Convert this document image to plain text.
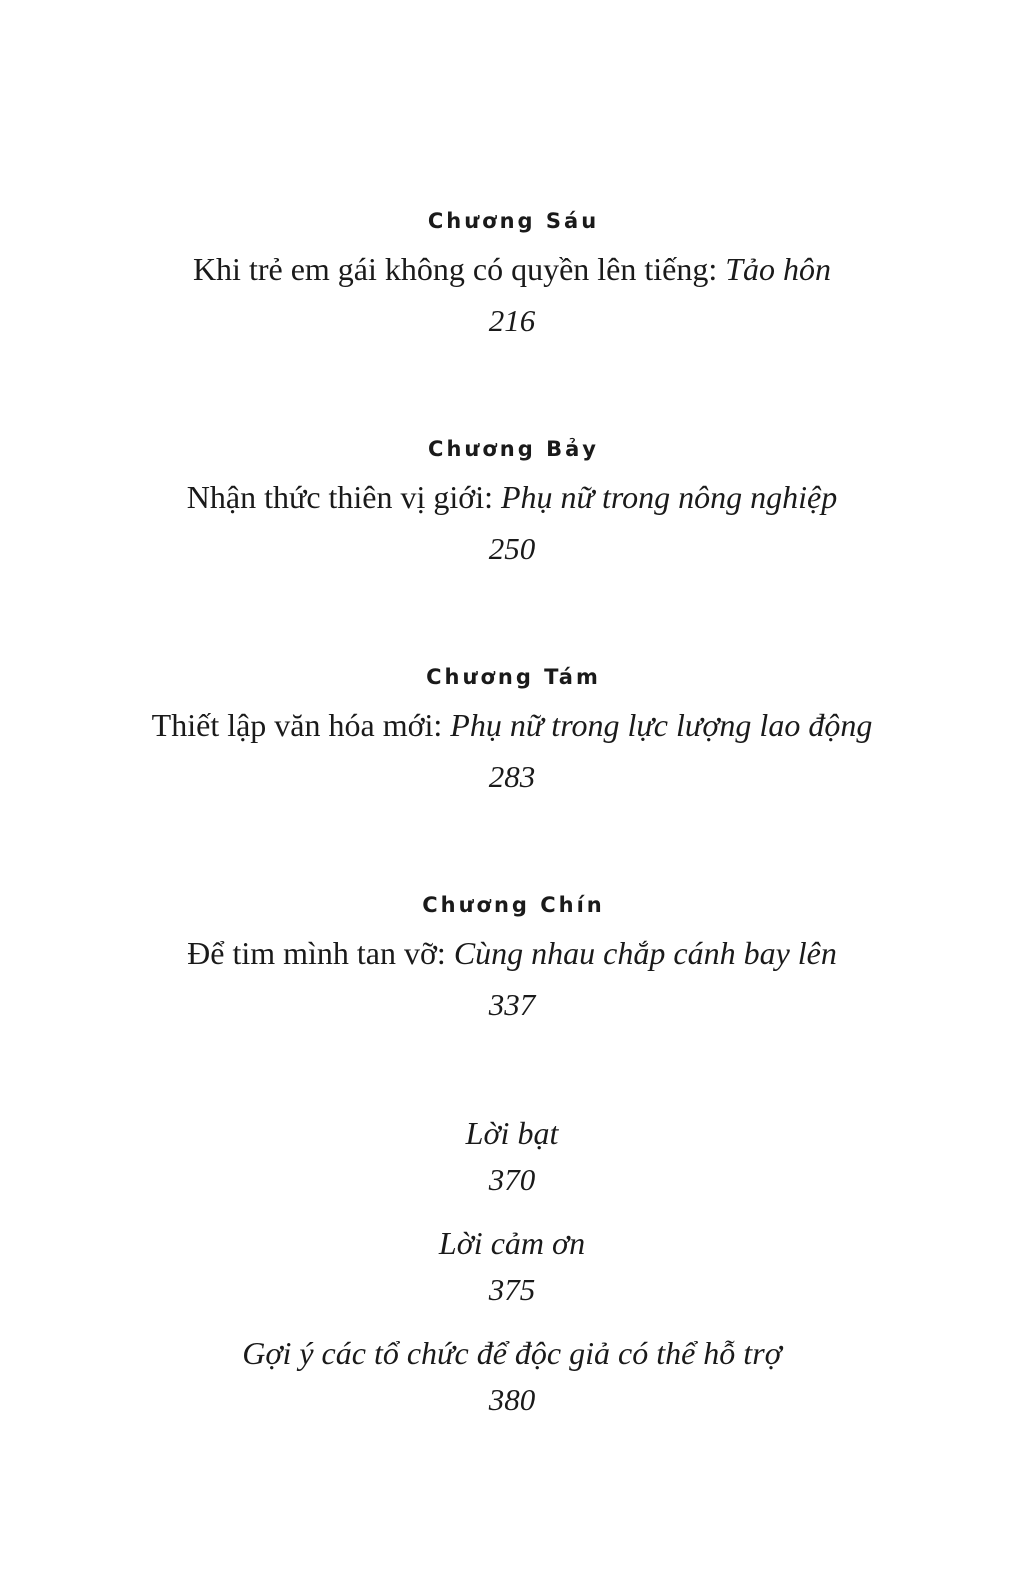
Chương Sáu
Khi trẻ em gái không có quyền lên tiếng: Tảo hôn
216
Chương Bảy
Nhận thức thiên vị giới: Phụ nữ trong nông nghiệp
250
Chương Tám
Thiết lập văn hóa mới: Phụ nữ trong lực lượng lao động
283
Chương Chín
Để tim mình tan vỡ: Cùng nhau chắp cánh bay lên
337
Lời bạt
370
Lời cảm ơn
375
Gợi ý các tổ chức để độc giả có thể hỗ trợ
380
